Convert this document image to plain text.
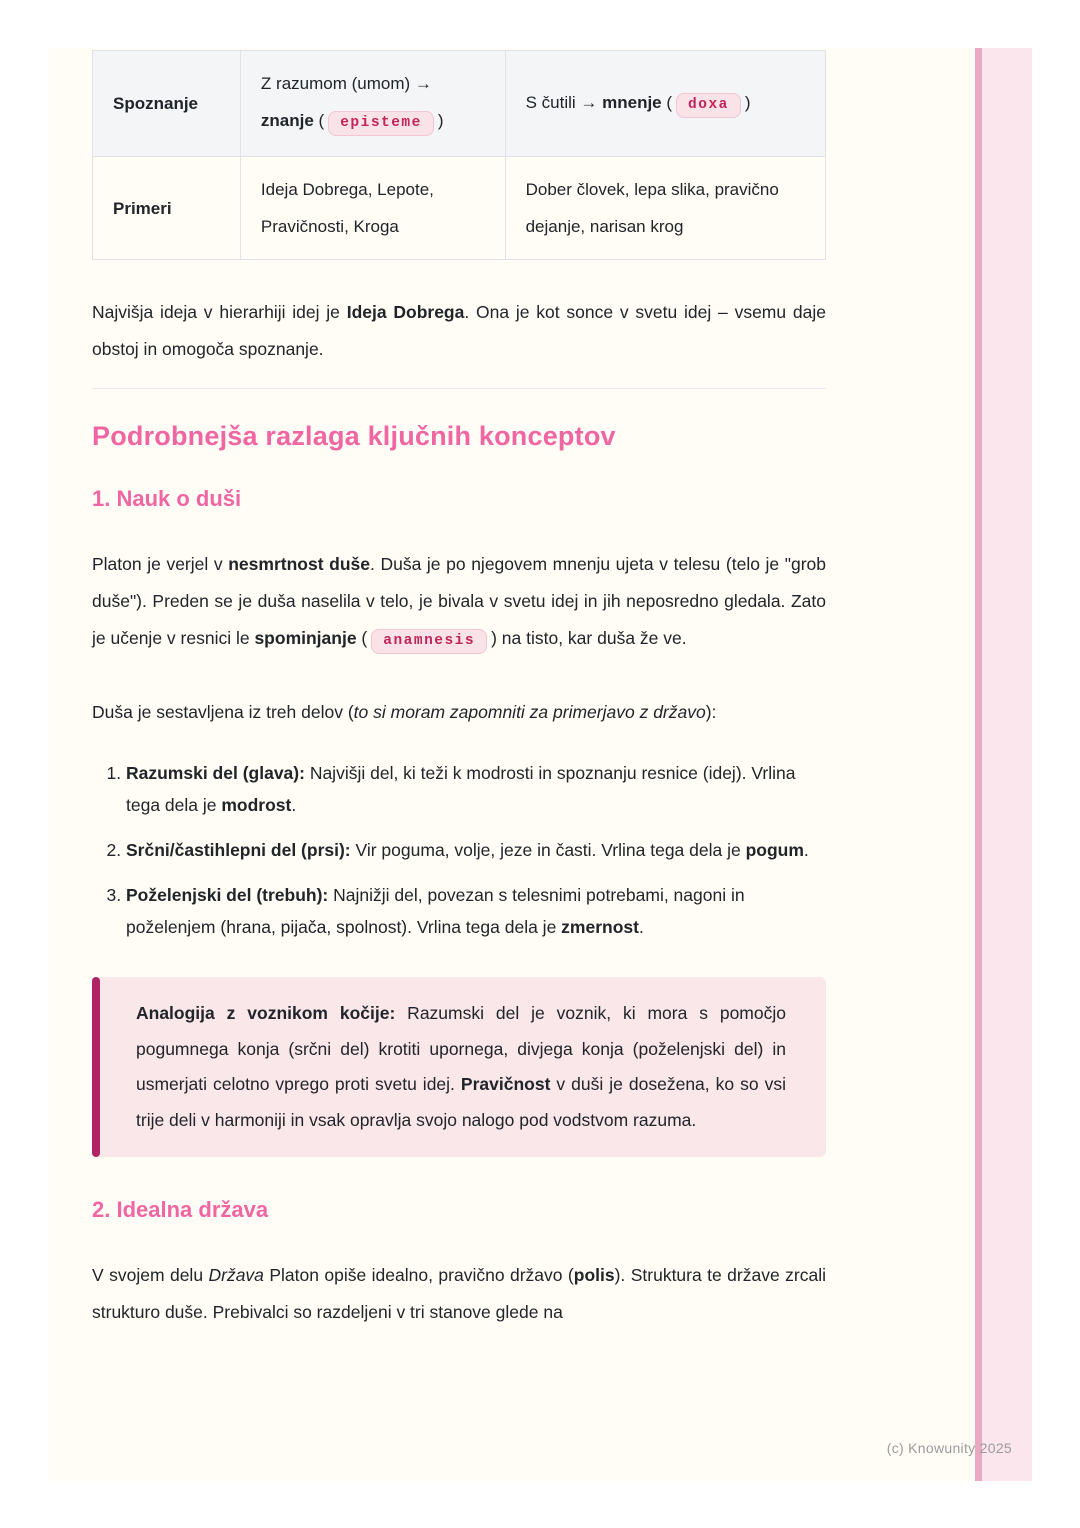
Spoznanje	Z razumom (umom) → znanje ( episteme )	S čutili → mnenje ( doxa )
Primeri	Ideja Dobrega, Lepote, Pravičnosti, Kroga	Dober človek, lepa slika, pravično dejanje, narisan krog

Najvišja ideja v hierarhiji idej je Ideja Dobrega. Ona je kot sonce v svetu idej – vsemu daje obstoj in omogoča spoznanje.

Podrobnejša razlaga ključnih konceptov
1. Nauk o duši

Platon je verjel v nesmrtnost duše. Duša je po njegovem mnenju ujeta v telesu (telo je "grob duše"). Preden se je duša naselila v telo, je bivala v svetu idej in jih neposredno gledala. Zato je učenje v resnici le spominjanje ( anamnesis ) na tisto, kar duša že ve.

Duša je sestavljena iz treh delov (to si moram zapomniti za primerjavo z državo):

1. Razumski del (glava): Najvišji del, ki teži k modrosti in spoznanju resnice (idej). Vrlina tega dela je modrost.
2. Srčni/častihlepni del (prsi): Vir poguma, volje, jeze in časti. Vrlina tega dela je pogum.
3. Poželenjski del (trebuh): Najnižji del, povezan s telesnimi potrebami, nagoni in poželenjem (hrana, pijača, spolnost). Vrlina tega dela je zmernost.

Analogija z voznikom kočije: Razumski del je voznik, ki mora s pomočjo pogumnega konja (srčni del) krotiti upornega, divjega konja (poželenjski del) in usmerjati celotno vprego proti svetu idej. Pravičnost v duši je dosežena, ko so vsi trije deli v harmoniji in vsak opravlja svojo nalogo pod vodstvom razuma.

2. Idealna država

V svojem delu Država Platon opiše idealno, pravično državo (polis). Struktura te države zrcali strukturo duše. Prebivalci so razdeljeni v tri stanove glede na

(c) Knowunity 2025
